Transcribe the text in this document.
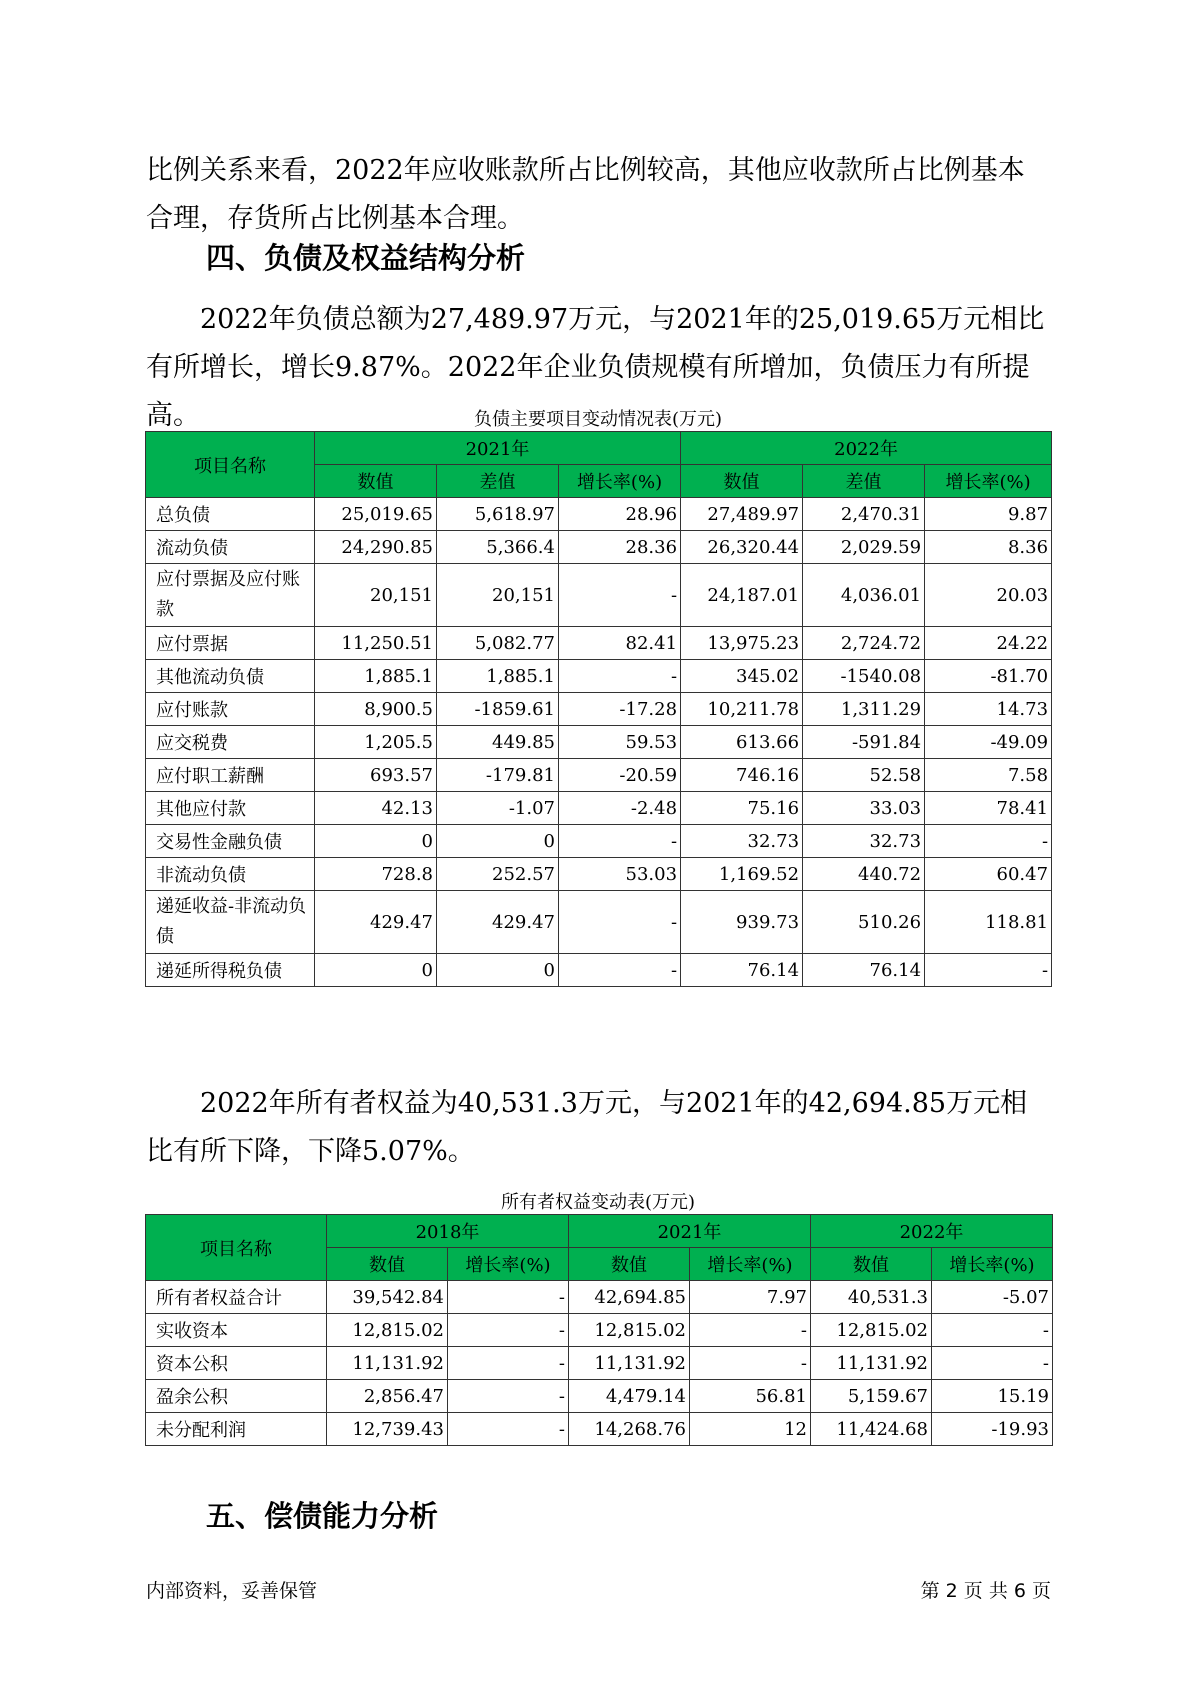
比例关系来看，2022年应收账款所占比例较高，其他应收款所占比例基本合理，存货所占比例基本合理。

四、负债及权益结构分析

2022年负债总额为27,489.97万元，与2021年的25,019.65万元相比有所增长，增长9.87%。2022年企业负债规模有所增加，负债压力有所提高。	负债主要项目变动情况表(万元)

项目名称	2021年			2022年		
	数值	差值	增长率(%)	数值	差值	增长率(%)
总负债	25,019.65	5,618.97	28.96	27,489.97	2,470.31	9.87
流动负债	24,290.85	5,366.4	28.36	26,320.44	2,029.59	8.36
应付票据及应付账款	20,151	20,151	-	24,187.01	4,036.01	20.03
应付票据	11,250.51	5,082.77	82.41	13,975.23	2,724.72	24.22
其他流动负债	1,885.1	1,885.1	-	345.02	-1540.08	-81.70
应付账款	8,900.5	-1859.61	-17.28	10,211.78	1,311.29	14.73
应交税费	1,205.5	449.85	59.53	613.66	-591.84	-49.09
应付职工薪酬	693.57	-179.81	-20.59	746.16	52.58	7.58
其他应付款	42.13	-1.07	-2.48	75.16	33.03	78.41
交易性金融负债	0	0	-	32.73	32.73	-
非流动负债	728.8	252.57	53.03	1,169.52	440.72	60.47
递延收益-非流动负债	429.47	429.47	-	939.73	510.26	118.81
递延所得税负债	0	0	-	76.14	76.14	-

2022年所有者权益为40,531.3万元，与2021年的42,694.85万元相比有所下降，下降5.07%。

所有者权益变动表(万元)

项目名称	2018年		2021年		2022年	
	数值	增长率(%)	数值	增长率(%)	数值	增长率(%)
所有者权益合计	39,542.84	-	42,694.85	7.97	40,531.3	-5.07
实收资本	12,815.02	-	12,815.02	-	12,815.02	-
资本公积	11,131.92	-	11,131.92	-	11,131.92	-
盈余公积	2,856.47	-	4,479.14	56.81	5,159.67	15.19
未分配利润	12,739.43	-	14,268.76	12	11,424.68	-19.93
五、偿债能力分析
内部资料，妥善保管	第 2 页 共 6 页
